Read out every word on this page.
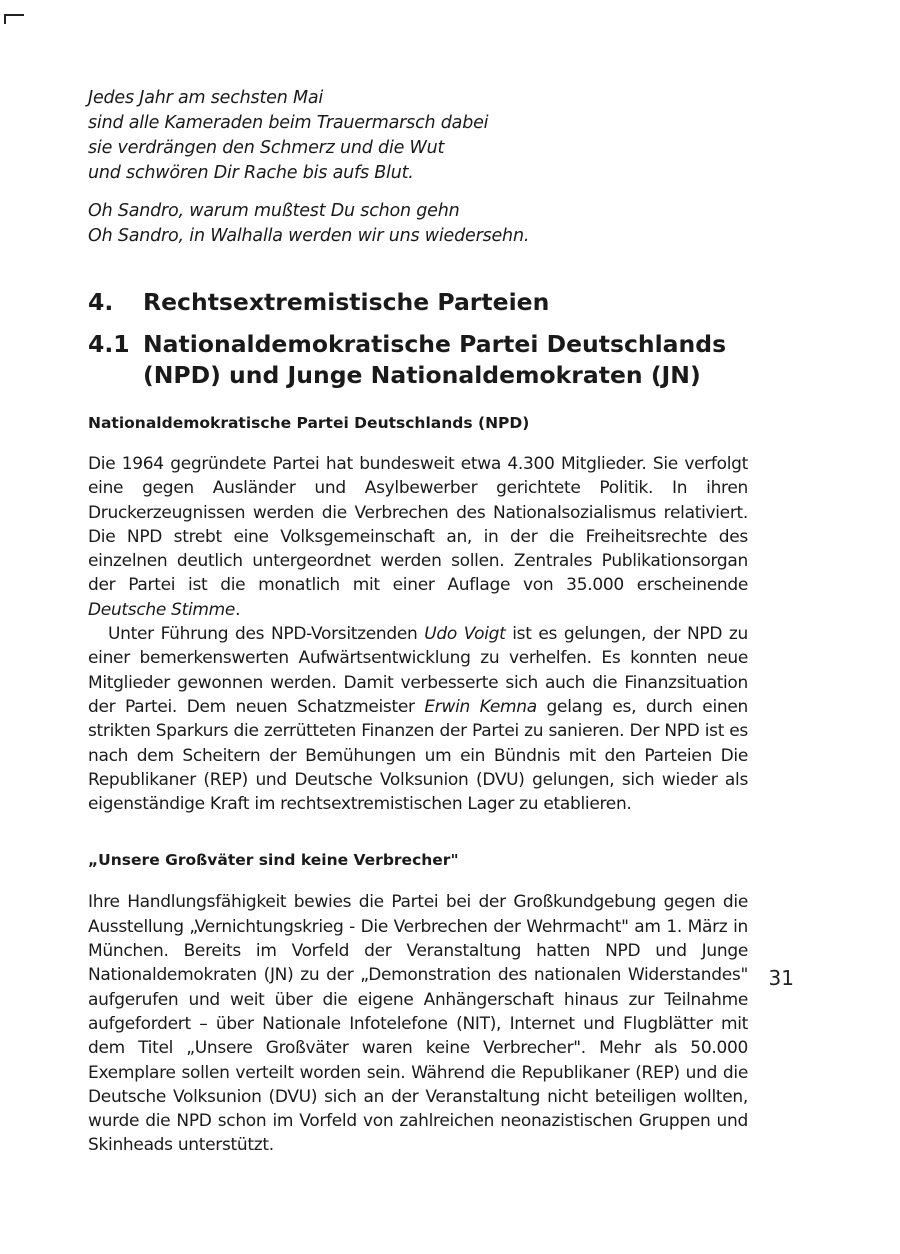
Jedes Jahr am sechsten Mai
sind alle Kameraden beim Trauermarsch dabei
sie verdrängen den Schmerz und die Wut
und schwören Dir Rache bis aufs Blut.
Oh Sandro, warum mußtest Du schon gehn
Oh Sandro, in Walhalla werden wir uns wiedersehn.
4.	Rechtsextremistische Parteien
4.1 Nationaldemokratische Partei Deutschlands (NPD) und Junge Nationaldemokraten (JN)
Nationaldemokratische Partei Deutschlands (NPD)

Die 1964 gegründete Partei hat bundesweit etwa 4.300 Mitglieder. Sie verfolgt eine gegen Ausländer und Asylbewerber gerichtete Politik. In ihren Druckerzeugnissen werden die Verbrechen des Nationalsozialismus relativiert. Die NPD strebt eine Volksgemeinschaft an, in der die Freiheitsrechte des einzelnen deutlich untergeordnet werden sollen. Zentrales Publikationsorgan der Partei ist die monatlich mit einer Auflage von 35.000 erscheinende Deutsche Stimme.

Unter Führung des NPD-Vorsitzenden Udo Voigt ist es gelungen, der NPD zu einer bemerkenswerten Aufwärtsentwicklung zu verhelfen. Es konnten neue Mitglieder gewonnen werden. Damit verbesserte sich auch die Finanzsituation der Partei. Dem neuen Schatzmeister Erwin Kemna gelang es, durch einen strikten Sparkurs die zerrütteten Finanzen der Partei zu sanieren. Der NPD ist es nach dem Scheitern der Bemühungen um ein Bündnis mit den Parteien Die Republikaner (REP) und Deutsche Volksunion (DVU) gelungen, sich wieder als eigenständige Kraft im rechtsextremistischen Lager zu etablieren.

„Unsere Großväter sind keine Verbrecher"

Ihre Handlungsfähigkeit bewies die Partei bei der Großkundgebung gegen die Ausstellung „Vernichtungskrieg - Die Verbrechen der Wehrmacht" am 1. März in München. Bereits im Vorfeld der Veranstaltung hatten NPD und Junge Nationaldemokraten (JN) zu der „Demonstration des nationalen Widerstandes" aufgerufen und weit über die eigene Anhängerschaft hinaus zur Teilnahme aufgefordert – über Nationale Infotelefone (NIT), Internet und Flugblätter mit dem Titel „Unsere Großväter waren keine Verbrecher". Mehr als 50.000 Exemplare sollen verteilt worden sein. Während die Republikaner (REP) und die Deutsche Volksunion (DVU) sich an der Veranstaltung nicht beteiligen wollten, wurde die NPD schon im Vorfeld von zahlreichen neonazistischen Gruppen und Skinheads unterstützt.

31
